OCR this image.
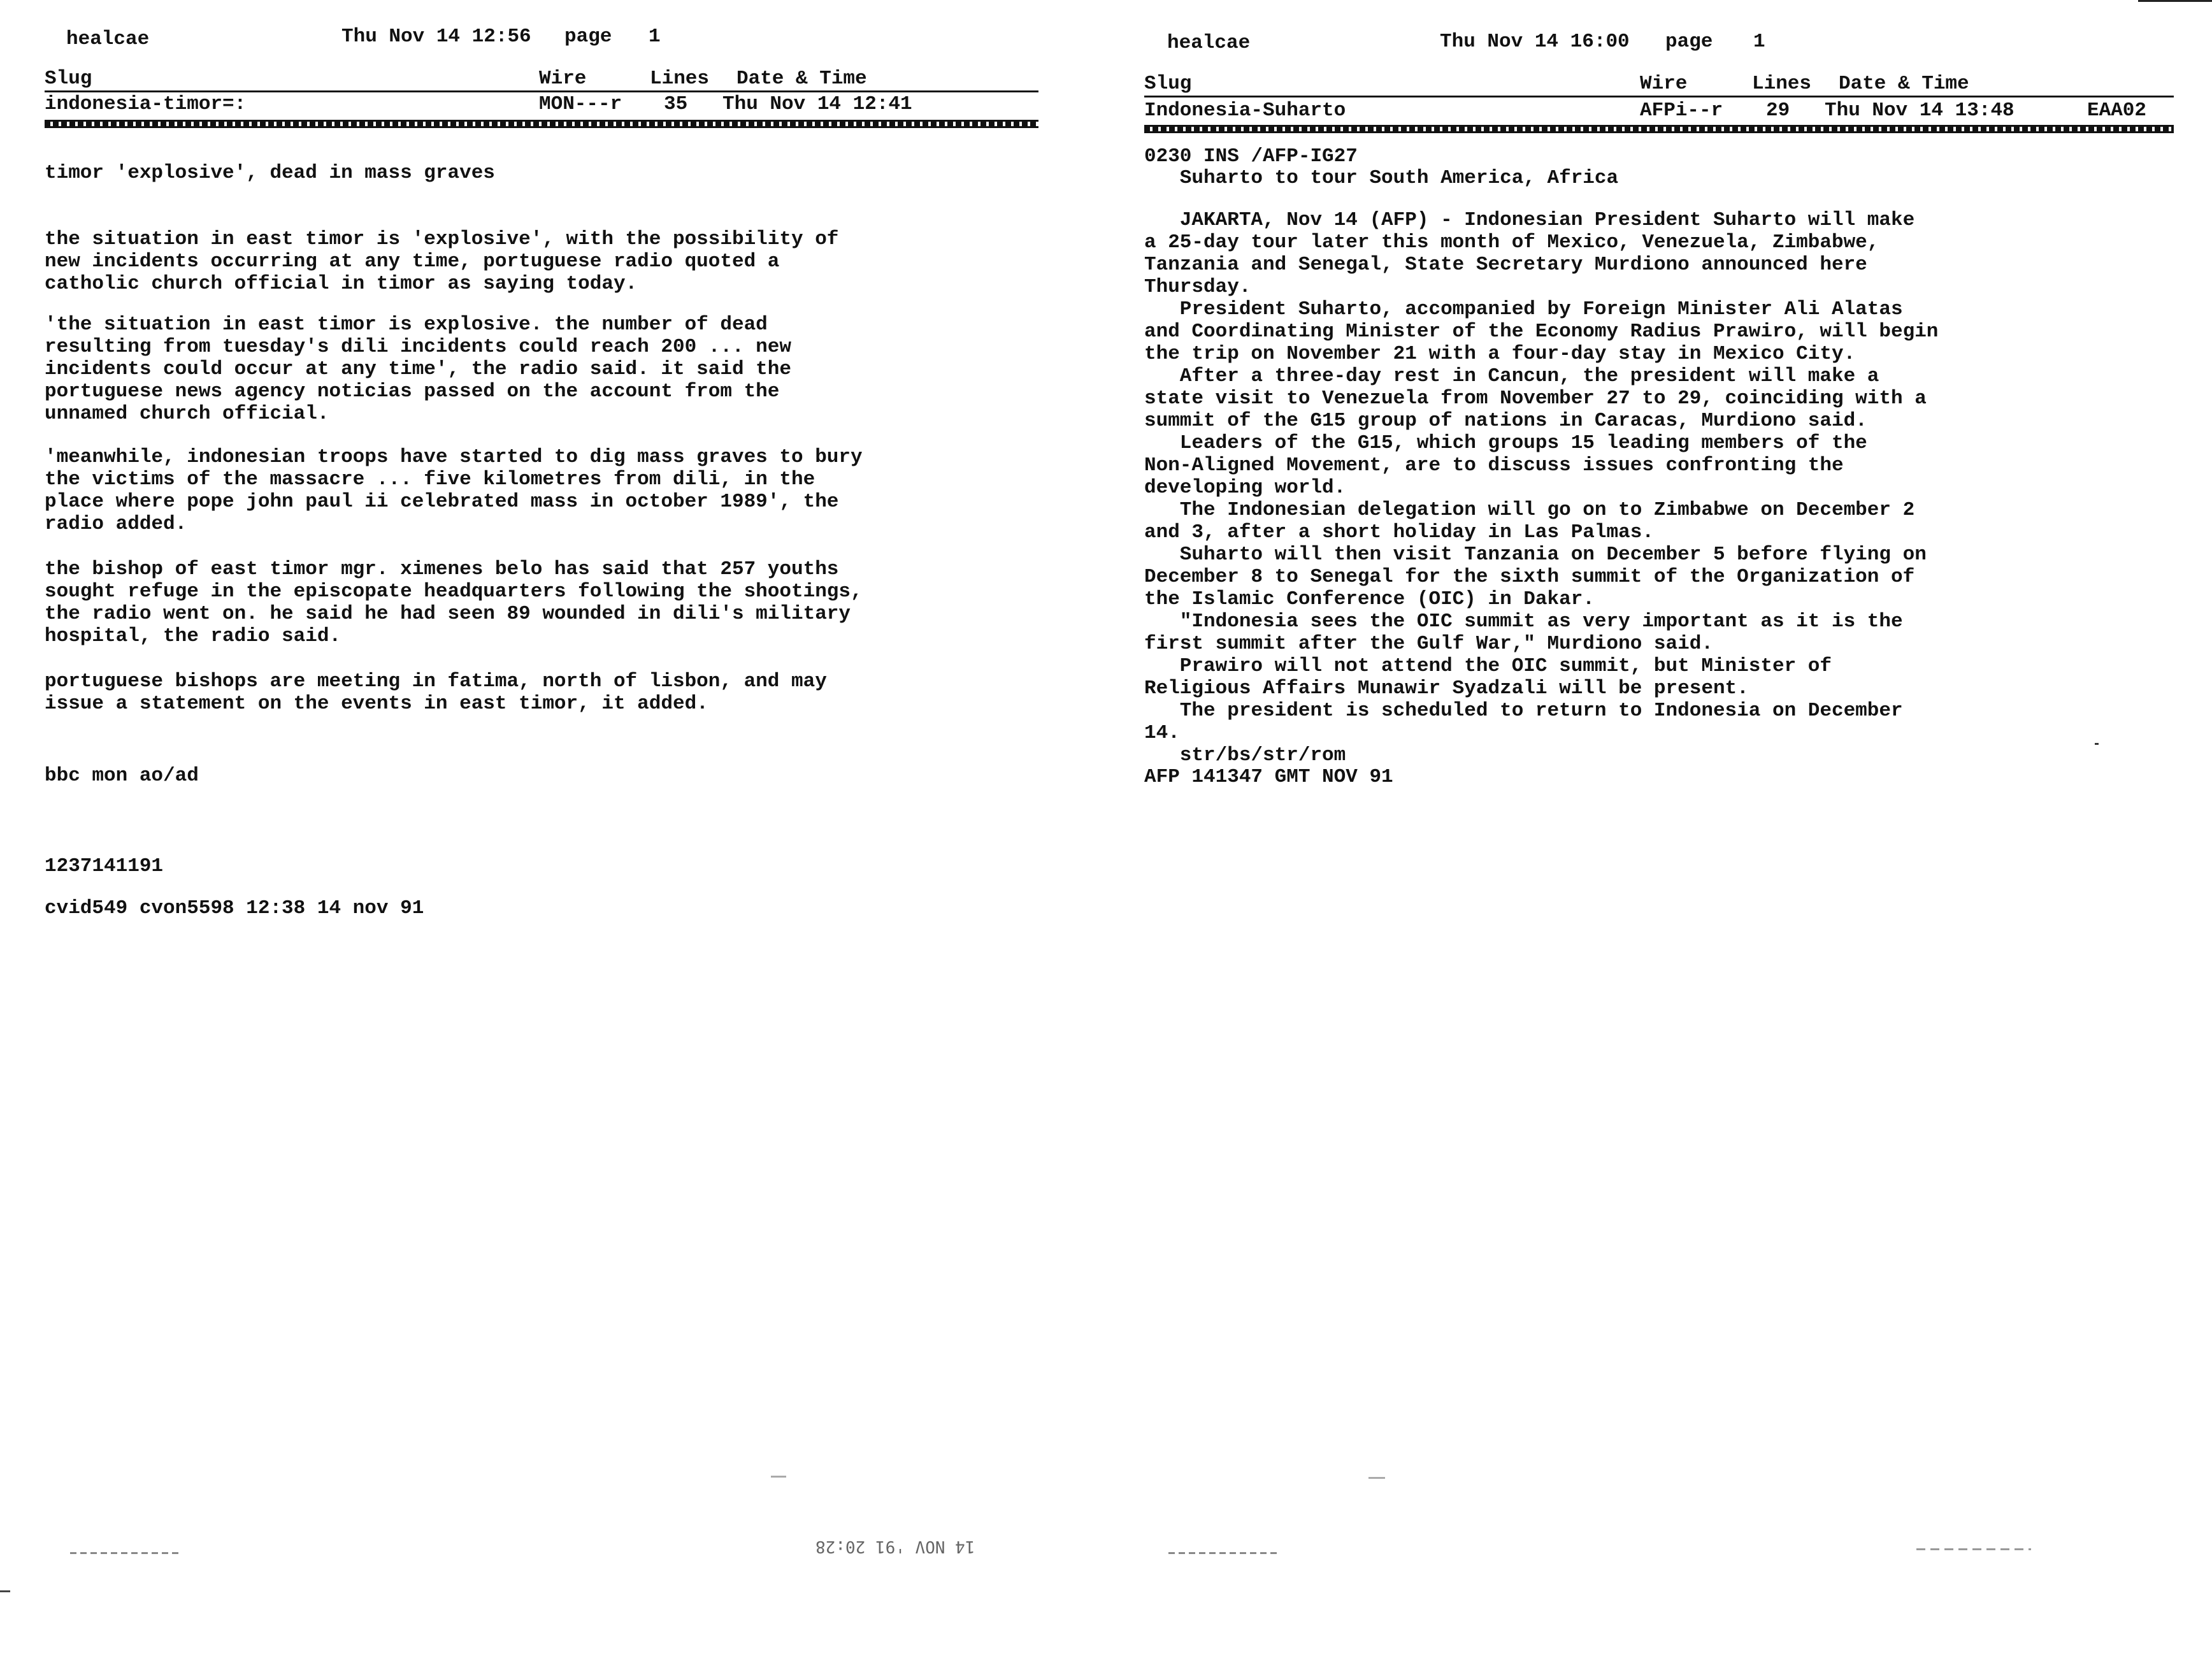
healcae	Thu Nov 14 12:56 page 1
Slug	Wire	Lines Date & Time
indonesia-timor=:	MON---r 35 Thu Nov 14 12:41
timor 'explosive', dead in mass graves
the situation in east timor is 'explosive', with the possibility of
new incidents occurring at any time, portuguese radio quoted a
catholic church official in timor as saying today.
'the situation in east timor is explosive. the number of dead
resulting from tuesday's dili incidents could reach 200 ... new
incidents could occur at any time', the radio said. it said the
portuguese news agency noticias passed on the account from the
unnamed church official.
'meanwhile, indonesian troops have started to dig mass graves to bury
the victims of the massacre ... five kilometres from dili, in the
place where pope john paul ii celebrated mass in october 1989', the
radio added.
the bishop of east timor mgr. ximenes belo has said that 257 youths
sought refuge in the episcopate headquarters following the shootings,
the radio went on. he said he had seen 89 wounded in dili's military
hospital, the radio said.
portuguese bishops are meeting in fatima, north of lisbon, and may
issue a statement on the events in east timor, it added.
bbc mon ao/ad
1237141191
cvid549 cvon5598 12:38 14 nov 91
14 NOV '91 20:28
healcae	Thu Nov 14 16:00 page 1
Slug	Wire	Lines Date & Time
Indonesia-Suharto	AFPi--r 29 Thu Nov 14 13:48	EAA02
0230 INS /AFP-IG27
Suharto to tour South America, Africa
JAKARTA, Nov 14 (AFP) - Indonesian President Suharto will make
a 25-day tour later this month of Mexico, Venezuela, Zimbabwe,
Tanzania and Senegal, State Secretary Murdiono announced here
Thursday.
President Suharto, accompanied by Foreign Minister Ali Alatas
and Coordinating Minister of the Economy Radius Prawiro, will begin
the trip on November 21 with a four-day stay in Mexico City.
After a three-day rest in Cancun, the president will make a
state visit to Venezuela from November 27 to 29, coinciding with a
summit of the G15 group of nations in Caracas, Murdiono said.
Leaders of the G15, which groups 15 leading members of the
Non-Aligned Movement, are to discuss issues confronting the
developing world.
The Indonesian delegation will go on to Zimbabwe on December 2
and 3, after a short holiday in Las Palmas.
Suharto will then visit Tanzania on December 5 before flying on
December 8 to Senegal for the sixth summit of the Organization of
the Islamic Conference (OIC) in Dakar.
"Indonesia sees the OIC summit as very important as it is the
first summit after the Gulf War," Murdiono said.
Prawiro will not attend the OIC summit, but Minister of
Religious Affairs Munawir Syadzali will be present.
The president is scheduled to return to Indonesia on December
14.
str/bs/str/rom
AFP 141347 GMT NOV 91
